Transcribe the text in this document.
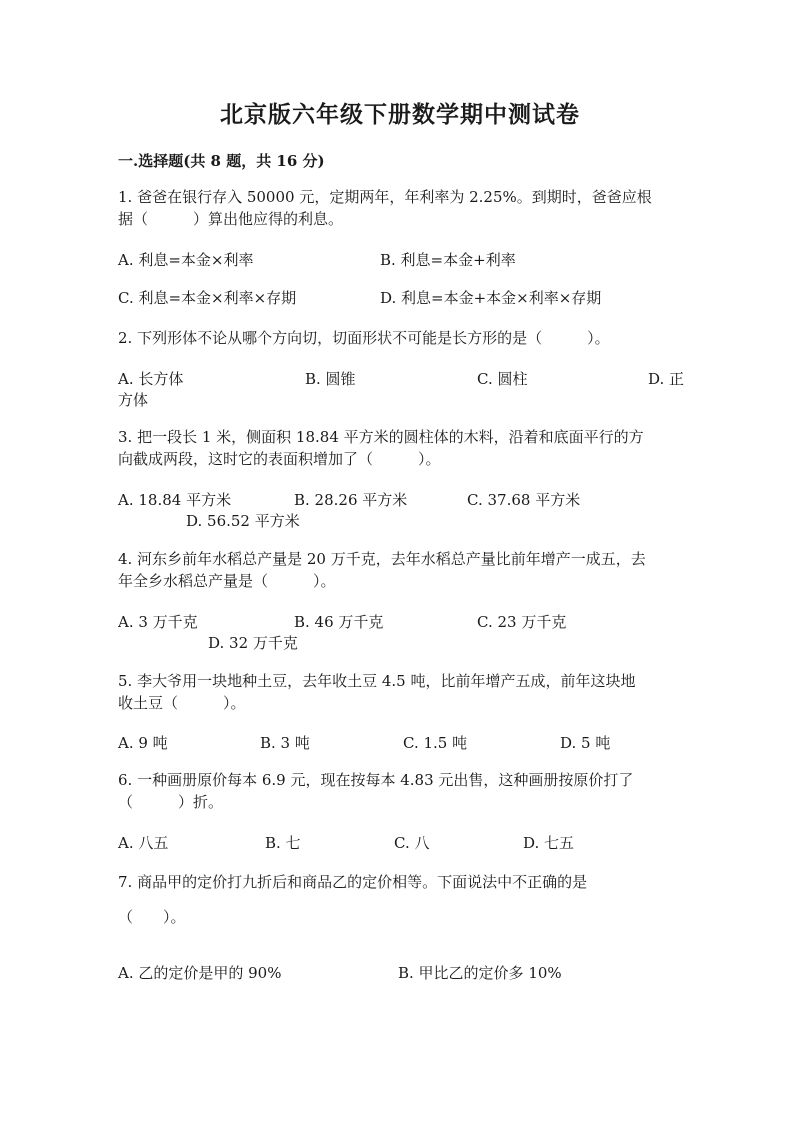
北京版六年级下册数学期中测试卷
一.选择题(共 8 题，共 16 分)
1. 爸爸在银行存入 50000 元，定期两年，年利率为 2.25%。到期时，爸爸应根
据（　　　）算出他应得的利息。
A. 利息=本金×利率	B. 利息=本金+利率
C. 利息=本金×利率×存期	D. 利息=本金+本金×利率×存期
2. 下列形体不论从哪个方向切，切面形状不可能是长方形的是（　　　）。
A. 长方体	B. 圆锥	C. 圆柱	D. 正
方体
3. 把一段长 1 米，侧面积 18.84 平方米的圆柱体的木料，沿着和底面平行的方
向截成两段，这时它的表面积增加了（　　　）。
A. 18.84 平方米	B. 28.26 平方米	C. 37.68 平方米
D. 56.52 平方米
4. 河东乡前年水稻总产量是 20 万千克，去年水稻总产量比前年增产一成五，去
年全乡水稻总产量是（　　　）。
A. 3 万千克	B. 46 万千克	C. 23 万千克
D. 32 万千克
5. 李大爷用一块地种土豆，去年收土豆 4.5 吨，比前年增产五成，前年这块地
收土豆（　　　）。
A. 9 吨	B. 3 吨	C. 1.5 吨	D. 5 吨
6. 一种画册原价每本 6.9 元，现在按每本 4.83 元出售，这种画册按原价打了
（　　　）折。
A. 八五	B. 七	C. 八	D. 七五
7. 商品甲的定价打九折后和商品乙的定价相等。下面说法中不正确的是
（　　）。
A. 乙的定价是甲的 90%	B. 甲比乙的定价多 10%
